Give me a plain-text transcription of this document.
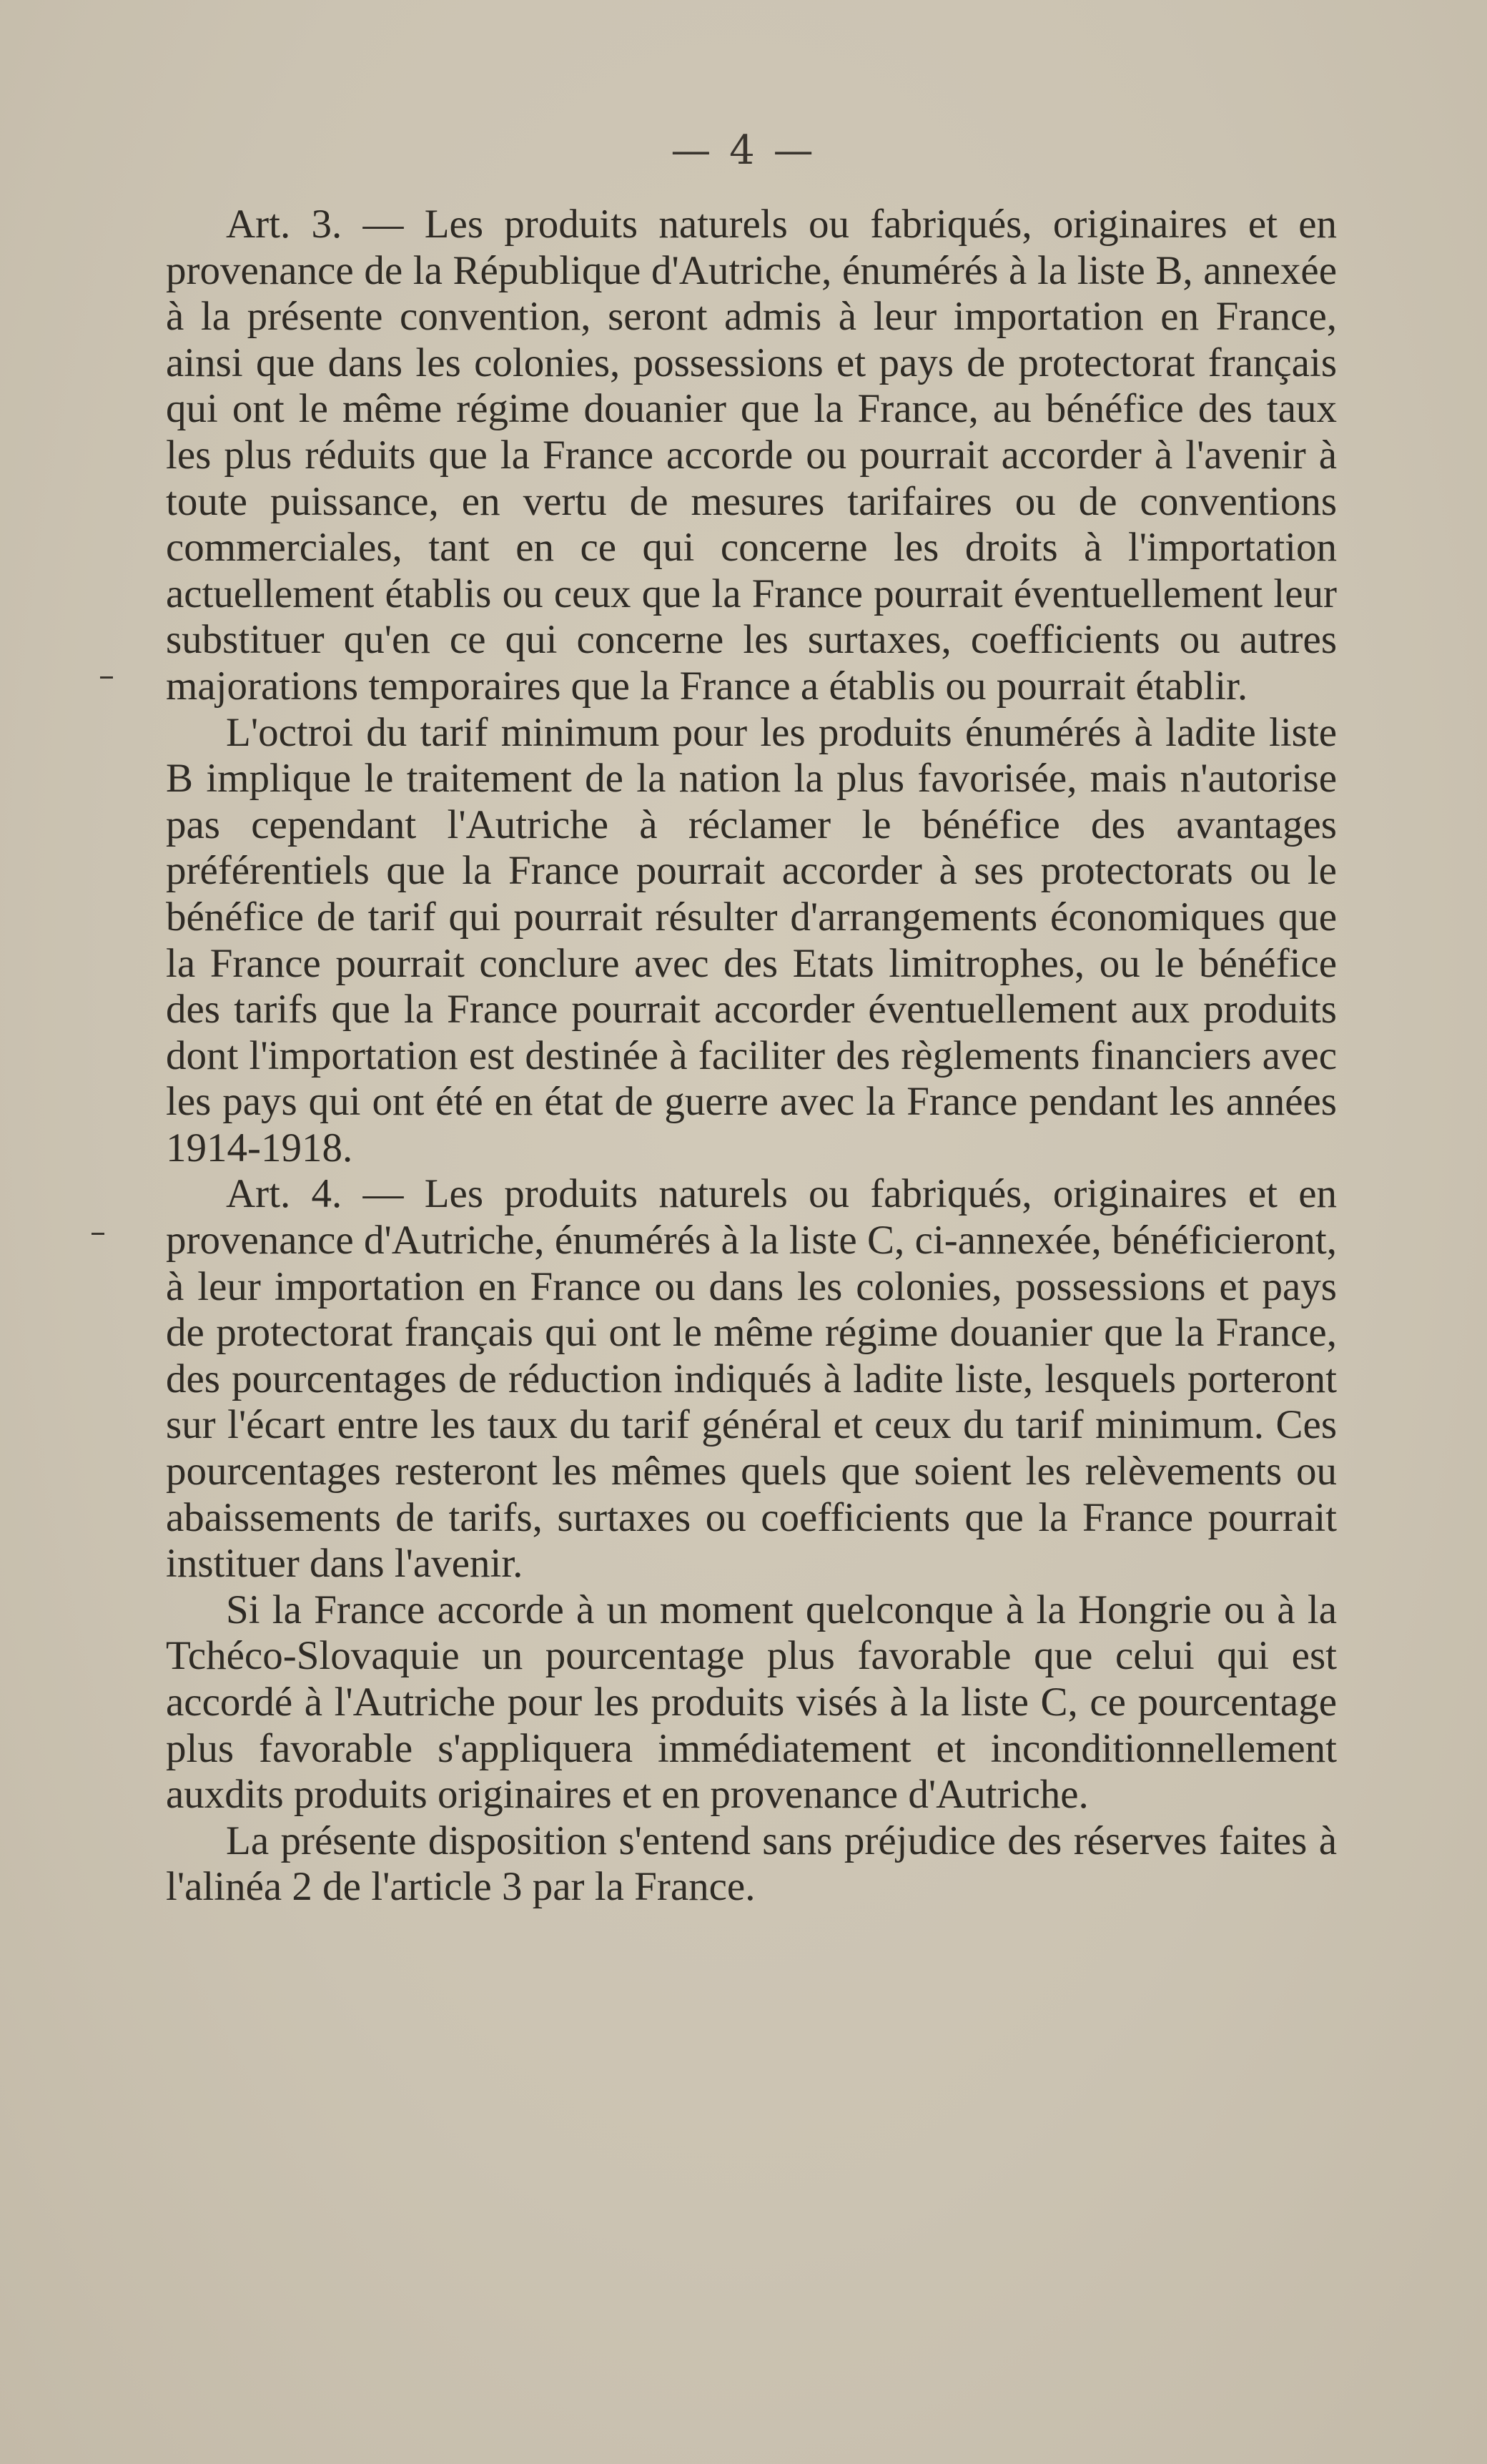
— 4 —

Art. 3. — Les produits naturels ou fabriqués, originaires et en provenance de la République d'Autriche, énumérés à la liste B, annexée à la présente convention, seront admis à leur importation en France, ainsi que dans les colonies, possessions et pays de protectorat français qui ont le même régime douanier que la France, au bénéfice des taux les plus réduits que la France accorde ou pourrait accorder à l'avenir à toute puissance, en vertu de mesures tarifaires ou de conventions commerciales, tant en ce qui concerne les droits à l'importation actuellement établis ou ceux que la France pourrait éventuellement leur substituer qu'en ce qui concerne les surtaxes, coefficients ou autres majorations temporaires que la France a établis ou pourrait établir.

L'octroi du tarif minimum pour les produits énumérés à ladite liste B implique le traitement de la nation la plus favorisée, mais n'autorise pas cependant l'Autriche à réclamer le bénéfice des avantages préférentiels que la France pourrait accorder à ses protectorats ou le bénéfice de tarif qui pourrait résulter d'arrangements économiques que la France pourrait conclure avec des Etats limitrophes, ou le bénéfice des tarifs que la France pourrait accorder éventuellement aux produits dont l'importation est destinée à faciliter des règlements financiers avec les pays qui ont été en état de guerre avec la France pendant les années 1914-1918.

Art. 4. — Les produits naturels ou fabriqués, originaires et en provenance d'Autriche, énumérés à la liste C, ci-annexée, bénéficieront, à leur importation en France ou dans les colonies, possessions et pays de protectorat français qui ont le même régime douanier que la France, des pourcentages de réduction indiqués à ladite liste, lesquels porteront sur l'écart entre les taux du tarif général et ceux du tarif minimum. Ces pourcentages resteront les mêmes quels que soient les relèvements ou abaissements de tarifs, surtaxes ou coefficients que la France pourrait instituer dans l'avenir.

Si la France accorde à un moment quelconque à la Hongrie ou à la Tchéco-Slovaquie un pourcentage plus favorable que celui qui est accordé à l'Autriche pour les produits visés à la liste C, ce pourcentage plus favorable s'appliquera immédiatement et inconditionnellement auxdits produits originaires et en provenance d'Autriche.

La présente disposition s'entend sans préjudice des réserves faites à l'alinéa 2 de l'article 3 par la France.
